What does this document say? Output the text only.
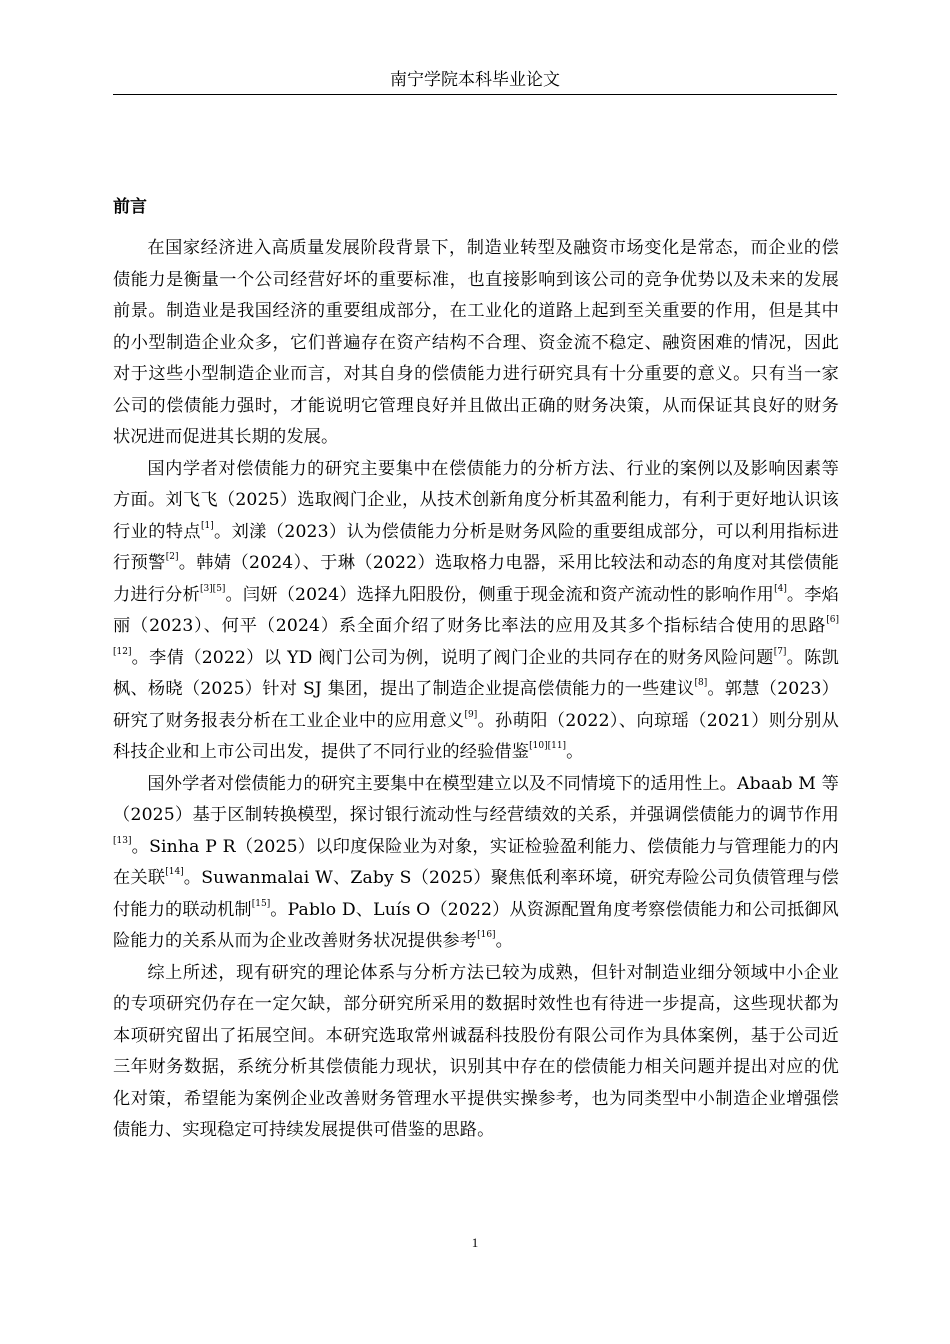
南宁学院本科毕业论文
前言

在国家经济进入高质量发展阶段背景下，制造业转型及融资市场变化是常态，而企业的偿债能力是衡量一个公司经营好坏的重要标准，也直接影响到该公司的竞争优势以及未来的发展前景。制造业是我国经济的重要组成部分，在工业化的道路上起到至关重要的作用，但是其中的小型制造企业众多，它们普遍存在资产结构不合理、资金流不稳定、融资困难的情况，因此对于这些小型制造企业而言，对其自身的偿债能力进行研究具有十分重要的意义。只有当一家公司的偿债能力强时，才能说明它管理良好并且做出正确的财务决策，从而保证其良好的财务状况进而促进其长期的发展。

国内学者对偿债能力的研究主要集中在偿债能力的分析方法、行业的案例以及影响因素等方面。刘飞飞（2025）选取阀门企业，从技术创新角度分析其盈利能力，有利于更好地认识该行业的特点[1]。刘漾（2023）认为偿债能力分析是财务风险的重要组成部分，可以利用指标进行预警[2]。韩婧（2024）、于琳（2022）选取格力电器，采用比较法和动态的角度对其偿债能力进行分析[3][5]。闫妍（2024）选择九阳股份，侧重于现金流和资产流动性的影响作用[4]。李焰丽（2023）、何平（2024）系全面介绍了财务比率法的应用及其多个指标结合使用的思路[6][12]。李倩（2022）以 YD 阀门公司为例，说明了阀门企业的共同存在的财务风险问题[7]。陈凯枫、杨晓（2025）针对 SJ 集团，提出了制造企业提高偿债能力的一些建议[8]。郭慧（2023）研究了财务报表分析在工业企业中的应用意义[9]。孙萌阳（2022）、向琼瑶（2021）则分别从科技企业和上市公司出发，提供了不同行业的经验借鉴[10][11]。

国外学者对偿债能力的研究主要集中在模型建立以及不同情境下的适用性上。Abaab M 等（2025）基于区制转换模型，探讨银行流动性与经营绩效的关系，并强调偿债能力的调节作用[13]。Sinha P R（2025）以印度保险业为对象，实证检验盈利能力、偿债能力与管理能力的内在关联[14]。Suwanmalai W、Zaby S（2025）聚焦低利率环境，研究寿险公司负债管理与偿付能力的联动机制[15]。Pablo D、Luís O（2022）从资源配置角度考察偿债能力和公司抵御风险能力的关系从而为企业改善财务状况提供参考[16]。

综上所述，现有研究的理论体系与分析方法已较为成熟，但针对制造业细分领域中小企业的专项研究仍存在一定欠缺，部分研究所采用的数据时效性也有待进一步提高，这些现状都为本项研究留出了拓展空间。本研究选取常州诚磊科技股份有限公司作为具体案例，基于公司近三年财务数据，系统分析其偿债能力现状，识别其中存在的偿债能力相关问题并提出对应的优化对策，希望能为案例企业改善财务管理水平提供实操参考，也为同类型中小制造企业增强偿债能力、实现稳定可持续发展提供可借鉴的思路。

1
